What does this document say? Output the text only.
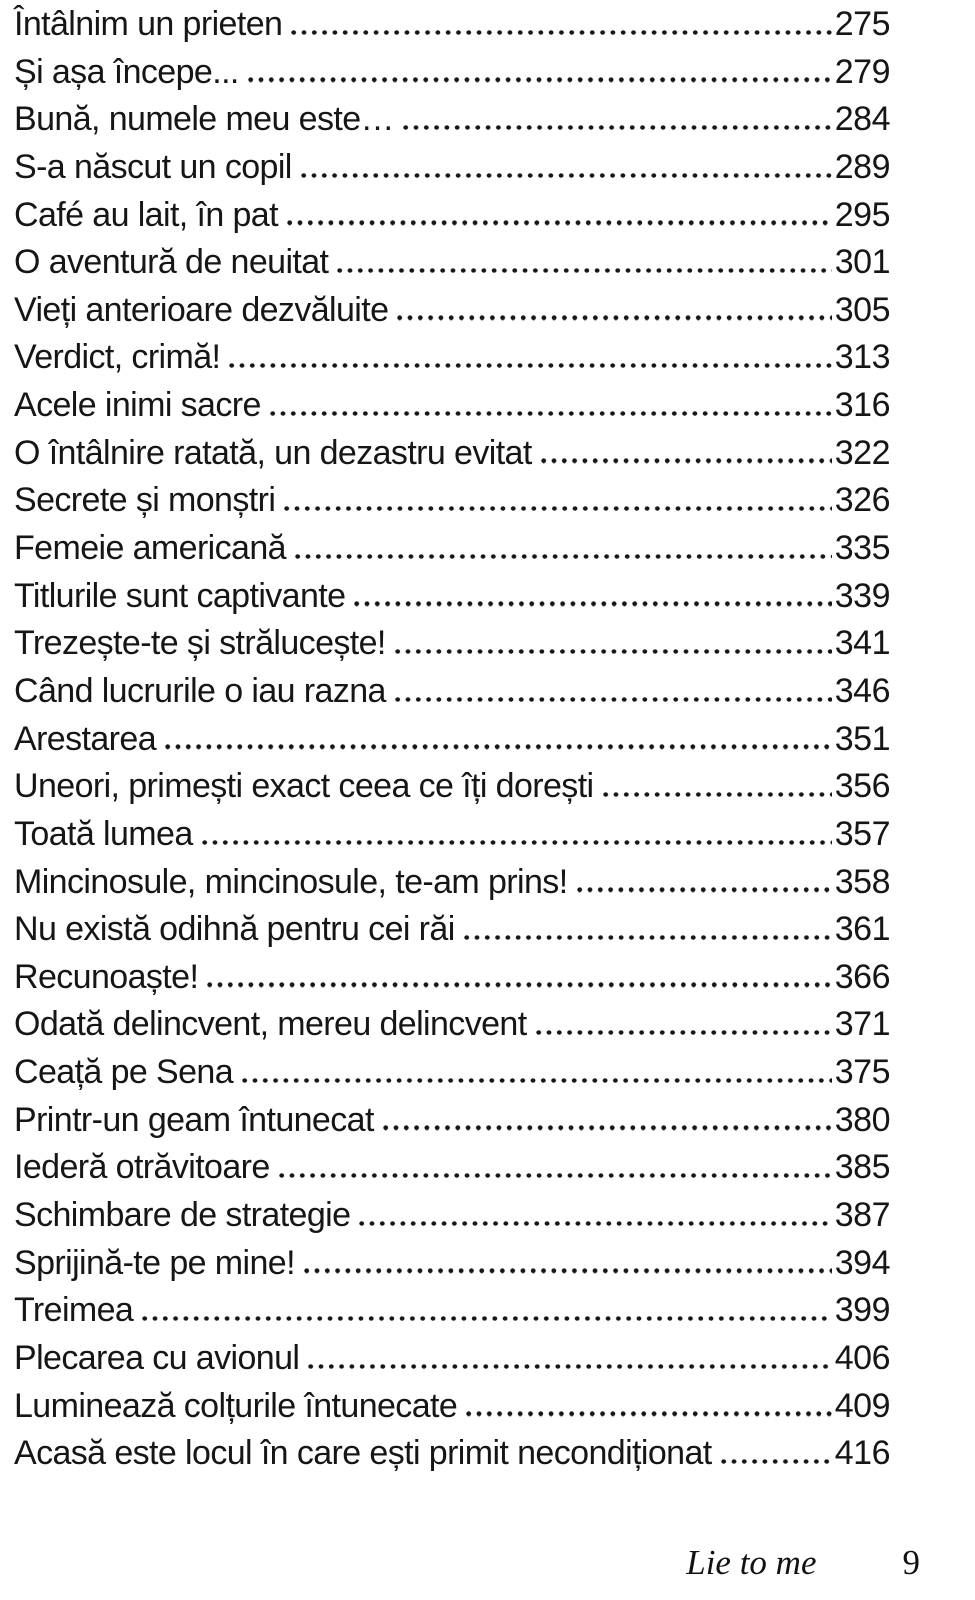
Întâlnim un prieten	275
Și așa începe...	279
Bună, numele meu este…	284
S-a născut un copil	289
Café au lait, în pat	295
O aventură de neuitat	301
Vieți anterioare dezvăluite	305
Verdict, crimă!	313
Acele inimi sacre	316
O întâlnire ratată, un dezastru evitat	322
Secrete și monștri	326
Femeie americană	335
Titlurile sunt captivante	339
Trezește-te și strălucește!	341
Când lucrurile o iau razna	346
Arestarea	351
Uneori, primești exact ceea ce îți dorești	356
Toată lumea	357
Mincinosule, mincinosule, te-am prins!	358
Nu există odihnă pentru cei răi	361
Recunoaște!	366
Odată delincvent, mereu delincvent	371
Ceață pe Sena	375
Printr-un geam întunecat	380
Iederă otrăvitoare	385
Schimbare de strategie	387
Sprijină-te pe mine!	394
Treimea	399
Plecarea cu avionul	406
Luminează colțurile întunecate	409
Acasă este locul în care ești primit necondiționat	416
Lie to me 9
